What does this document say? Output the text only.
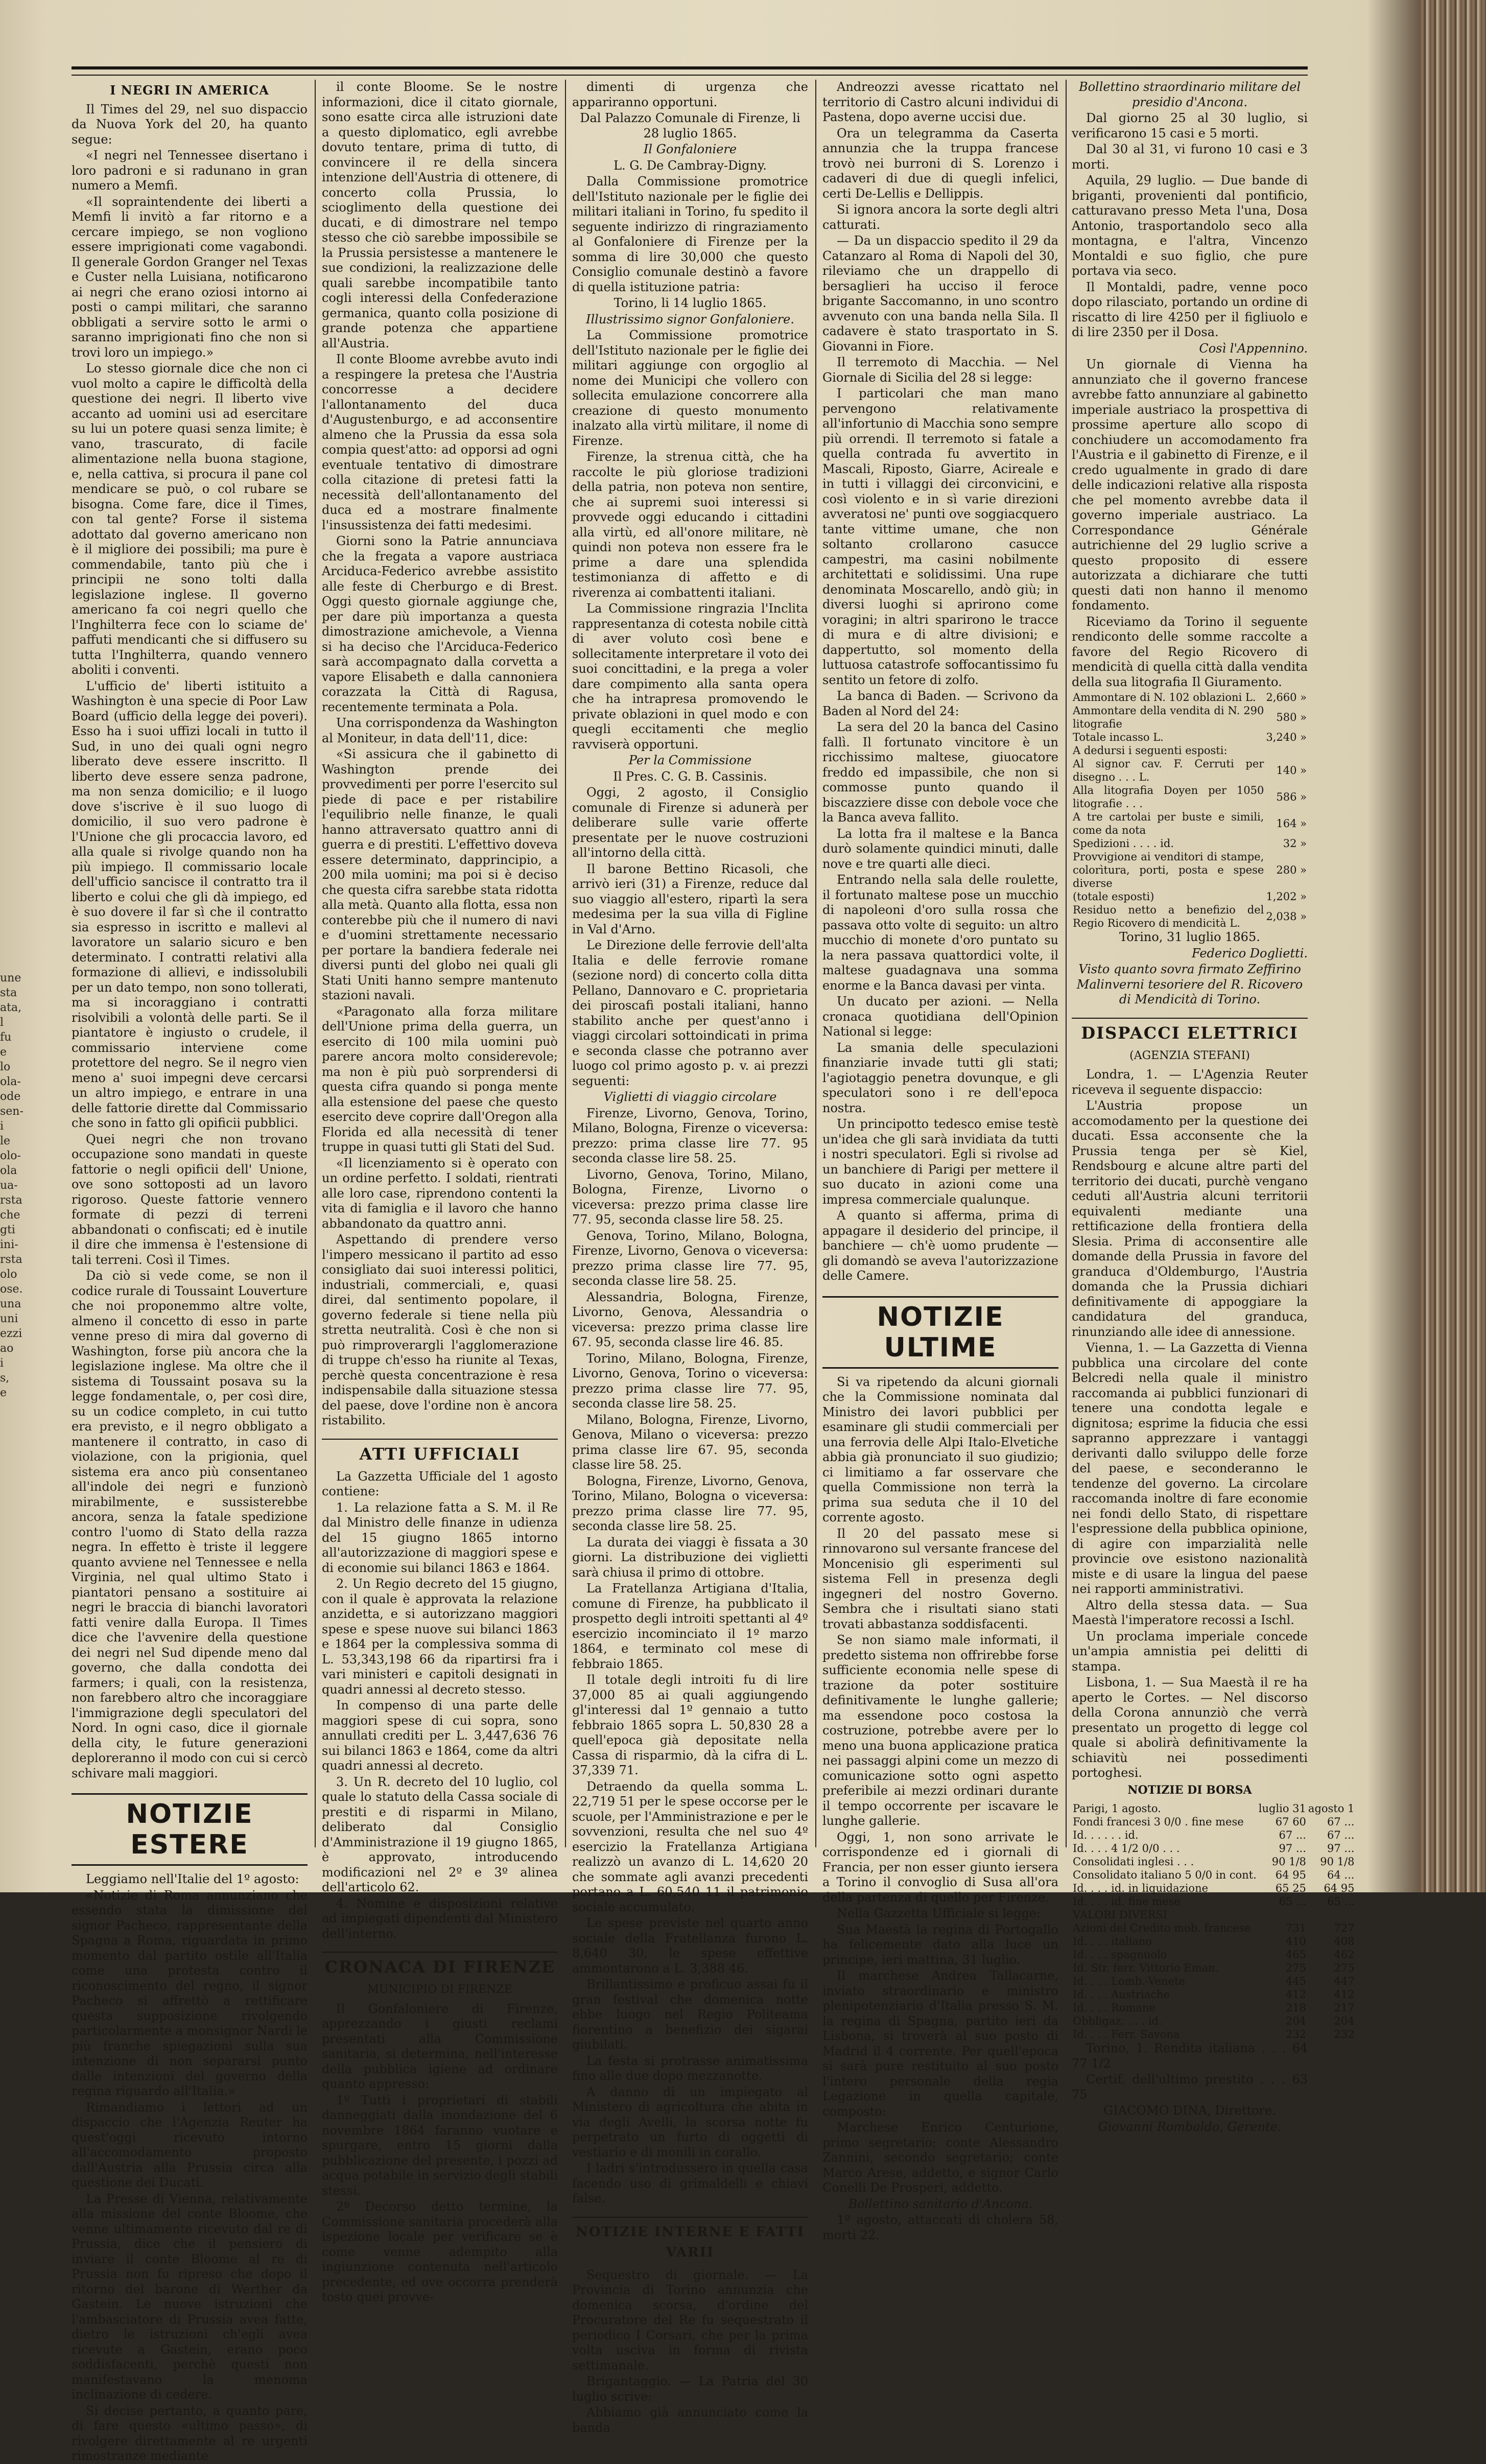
une
sta
ata,
l fu
e lo
ola-
ode
sen-
i le
olo-
ola
ua-
rsta
che
gti
ini-
rsta
olo
ose.
una
uni
ezzi
ao i
s, e

I NEGRI IN AMERICA

Il Times del 29, nel suo dispaccio da Nuova York del 20, ha quanto segue:

«I negri nel Tennessee disertano i loro padroni e si radunano in gran numero a Memfi.

«Il sopraintendente dei liberti a Memfi li invitò a far ritorno e a cercare impiego, se non vogliono essere imprigionati come vagabondi. Il generale Gordon Granger nel Texas e Custer nella Luisiana, notificarono ai negri che erano oziosi intorno ai posti o campi militari, che saranno obbligati a servire sotto le armi o saranno imprigionati fino che non si trovi loro un impiego.»

Lo stesso giornale dice che non ci vuol molto a capire le difficoltà della questione dei negri. Il liberto vive accanto ad uomini usi ad esercitare su lui un potere quasi senza limite; è vano, trascurato, di facile alimentazione nella buona stagione, e, nella cattiva, si procura il pane col mendicare se può, o col rubare se bisogna. Come fare, dice il Times, con tal gente? Forse il sistema adottato dal governo americano non è il migliore dei possibili; ma pure è commendabile, tanto più che i principii ne sono tolti dalla legislazione inglese. Il governo americano fa coi negri quello che l'Inghilterra fece con lo sciame de' paffuti mendicanti che si diffusero su tutta l'Inghilterra, quando vennero aboliti i conventi.

L'ufficio de' liberti istituito a Washington è una specie di Poor Law Board (ufficio della legge dei poveri). Esso ha i suoi uffizi locali in tutto il Sud, in uno dei quali ogni negro liberato deve essere inscritto. Il liberto deve essere senza padrone, ma non senza domicilio; e il luogo dove s'iscrive è il suo luogo di domicilio, il suo vero padrone è l'Unione che gli procaccia lavoro, ed alla quale si rivolge quando non ha più impiego. Il commissario locale dell'ufficio sancisce il contratto tra il liberto e colui che gli dà impiego, ed è suo dovere il far sì che il contratto sia espresso in iscritto e mallevi al lavoratore un salario sicuro e ben determinato. I contratti relativi alla formazione di allievi, e indissolubili per un dato tempo, non sono tollerati, ma si incoraggiano i contratti risolvibili a volontà delle parti. Se il piantatore è ingiusto o crudele, il commissario interviene come protettore del negro. Se il negro vien meno a' suoi impegni deve cercarsi un altro impiego, e entrare in una delle fattorie dirette dal Commissario che sono in fatto gli opificii pubblici.

Quei negri che non trovano occupazione sono mandati in queste fattorie o negli opificii dell' Unione, ove sono sottoposti ad un lavoro rigoroso. Queste fattorie vennero formate di pezzi di terreni abbandonati o confiscati; ed è inutile il dire che immensa è l'estensione di tali terreni. Così il Times.

Da ciò si vede come, se non il codice rurale di Toussaint Louverture che noi proponemmo altre volte, almeno il concetto di esso in parte venne preso di mira dal governo di Washington, forse più ancora che la legislazione inglese. Ma oltre che il sistema di Toussaint posava su la legge fondamentale, o, per così dire, su un codice completo, in cui tutto era previsto, e il negro obbligato a mantenere il contratto, in caso di violazione, con la prigionia, quel sistema era anco più consentaneo all'indole dei negri e funzionò mirabilmente, e sussisterebbe ancora, senza la fatale spedizione contro l'uomo di Stato della razza negra. In effetto è triste il leggere quanto avviene nel Tennessee e nella Virginia, nel qual ultimo Stato i piantatori pensano a sostituire ai negri le braccia di bianchi lavoratori fatti venire dalla Europa. Il Times dice che l'avvenire della questione dei negri nel Sud dipende meno dal governo, che dalla condotta dei farmers; i quali, con la resistenza, non farebbero altro che incoraggiare l'immigrazione degli speculatori del Nord. In ogni caso, dice il giornale della city, le future generazioni deploreranno il modo con cui si cercò schivare mali maggiori.

NOTIZIE ESTERE

Leggiamo nell'Italie del 1º agosto:

«Notizie di Roma annunziano che essendo stata la dimissione del signor Pacheco, rappresentante della Spagna a Roma, riguardata in primo momento dal partito ostile all'Italia come una protesta contro il riconoscimento del regno, il signor Pacheco si affrettò a rettificare questa supposizione rivolgendo particolarmente a monsignor Nardi le più franche spiegazioni sulla sua intenzione di non separarsi punto dalle intenzioni del governo della regina riguardo all'Italia.»

Rimandiamo i lettori ad un dispaccio che l'Agenzia Reuter ha quest'oggi ricevuto intorno all'accomodamento proposto dall'Austria alla Prussia circa alla questione dei Ducati.

La Presse di Vienna, relativamente alla missione del conte Bloome, che venne ultimamente ricevuto dal re di Prussia, dice che il pensiero di inviare il conte Bloome al re di Prussia non fu ripreso che dopo il ritorno del barone di Werther da Gastein. Le nuove istruzioni che l'ambasciatore di Prussia avea fatte, dietro le istruzioni ch'egli avea ricevute a Gastein, erano poco soddisfacenti, perchè questi non manifestavano la menoma inclinazione di cedere.

Si decise pertanto, a quanto pare, di fare questo «ultimo passo», di rivolgere direttamente al re urgenti rimostranze mediante

il conte Bloome. Se le nostre informazioni, dice il citato giornale, sono esatte circa alle istruzioni date a questo diplomatico, egli avrebbe dovuto tentare, prima di tutto, di convincere il re della sincera intenzione dell'Austria di ottenere, di concerto colla Prussia, lo scioglimento della questione dei ducati, e di dimostrare nel tempo stesso che ciò sarebbe impossibile se la Prussia persistesse a mantenere le sue condizioni, la realizzazione delle quali sarebbe incompatibile tanto cogli interessi della Confederazione germanica, quanto colla posizione di grande potenza che appartiene all'Austria.

Il conte Bloome avrebbe avuto indi a respingere la pretesa che l'Austria concorresse a decidere l'allontanamento del duca d'Augustenburgo, e ad acconsentire almeno che la Prussia da essa sola compia quest'atto: ad opporsi ad ogni eventuale tentativo di dimostrare colla citazione di pretesi fatti la necessità dell'allontanamento del duca ed a mostrare finalmente l'insussistenza dei fatti medesimi.

Giorni sono la Patrie annunciava che la fregata a vapore austriaca Arciduca-Federico avrebbe assistito alle feste di Cherburgo e di Brest. Oggi questo giornale aggiunge che, per dare più importanza a questa dimostrazione amichevole, a Vienna si ha deciso che l'Arciduca-Federico sarà accompagnato dalla corvetta a vapore Elisabeth e dalla cannoniera corazzata la Città di Ragusa, recentemente terminata a Pola.

Una corrispondenza da Washington al Moniteur, in data dell'11, dice:

«Si assicura che il gabinetto di Washington prende dei provvedimenti per porre l'esercito sul piede di pace e per ristabilire l'equilibrio nelle finanze, le quali hanno attraversato quattro anni di guerra e di prestiti. L'effettivo doveva essere determinato, dapprincipio, a 200 mila uomini; ma poi si è deciso che questa cifra sarebbe stata ridotta alla metà. Quanto alla flotta, essa non conterebbe più che il numero di navi e d'uomini strettamente necessario per portare la bandiera federale nei diversi punti del globo nei quali gli Stati Uniti hanno sempre mantenuto stazioni navali.

«Paragonato alla forza militare dell'Unione prima della guerra, un esercito di 100 mila uomini può parere ancora molto considerevole; ma non è più può sorprendersi di questa cifra quando si ponga mente alla estensione del paese che questo esercito deve coprire dall'Oregon alla Florida ed alla necessità di tener truppe in quasi tutti gli Stati del Sud.

«Il licenziamento si è operato con un ordine perfetto. I soldati, rientrati alle loro case, riprendono contenti la vita di famiglia e il lavoro che hanno abbandonato da quattro anni.

Aspettando di prendere verso l'impero messicano il partito ad esso consigliato dai suoi interessi politici, industriali, commerciali, e, quasi direi, dal sentimento popolare, il governo federale si tiene nella più stretta neutralità. Così è che non si può rimproverargli l'agglomerazione di truppe ch'esso ha riunite al Texas, perchè questa concentrazione è resa indispensabile dalla situazione stessa del paese, dove l'ordine non è ancora ristabilito.

ATTI UFFICIALI

La Gazzetta Ufficiale del 1 agosto contiene:

1. La relazione fatta a S. M. il Re dal Ministro delle finanze in udienza del 15 giugno 1865 intorno all'autorizzazione di maggiori spese e di economie sui bilanci 1863 e 1864.

2. Un Regio decreto del 15 giugno, con il quale è approvata la relazione anzidetta, e si autorizzano maggiori spese e spese nuove sui bilanci 1863 e 1864 per la complessiva somma di L. 53,343,198 66 da ripartirsi fra i vari ministeri e capitoli designati in quadri annessi al decreto stesso.

In compenso di una parte delle maggiori spese di cui sopra, sono annullati crediti per L. 3,447,636 76 sui bilanci 1863 e 1864, come da altri quadri annessi al decreto.

3. Un R. decreto del 10 luglio, col quale lo statuto della Cassa sociale di prestiti e di risparmi in Milano, deliberato dal Consiglio d'Amministrazione il 19 giugno 1865, è approvato, introducendo modificazioni nel 2º e 3º alinea dell'articolo 62.

4. Nomine e disposizioni relative ad impiegati dipendenti dal Ministero dell'interno.

CRONACA DI FIRENZE

MUNICIPIO DI FIRENZE

Il Gonfaloniere di Firenze, apprezzando i giusti reclami presentati alla Commissione sanitaria, si determina, nell'interesse della pubblica igiene ad ordinare quanto appresso:

1º Tutti i proprietari di stabili danneggiati dalla inondazione del 6 novembre 1864 faranno vuotare e spurgare, entro 15 giorni dalla pubblicazione del presente, i pozzi ad acqua potabile in servizio degli stabili stessi.

2º Decorso detto termine, la Commissione sanitaria procederà alla ispezione locale per verificare se è come venne adempito alla ingiunzione contenuta nell'articolo precedente, ed ove occorra prenderà tosto quei provve-

dimenti di urgenza che appariranno opportuni.

Dal Palazzo Comunale di Firenze, li 28 luglio 1865.

Il Gonfaloniere

L. G. De Cambray-Digny.

Dalla Commissione promotrice dell'Istituto nazionale per le figlie dei militari italiani in Torino, fu spedito il seguente indirizzo di ringraziamento al Gonfaloniere di Firenze per la somma di lire 30,000 che questo Consiglio comunale destinò a favore di quella istituzione patria:

Torino, li 14 luglio 1865.

Illustrissimo signor Gonfaloniere.

La Commissione promotrice dell'Istituto nazionale per le figlie dei militari aggiunge con orgoglio al nome dei Municipi che vollero con sollecita emulazione concorrere alla creazione di questo monumento inalzato alla virtù militare, il nome di Firenze.

Firenze, la strenua città, che ha raccolte le più gloriose tradizioni della patria, non poteva non sentire, che ai supremi suoi interessi si provvede oggi educando i cittadini alla virtù, ed all'onore militare, nè quindi non poteva non essere fra le prime a dare una splendida testimonianza di affetto e di riverenza ai combattenti italiani.

La Commissione ringrazia l'Inclita rappresentanza di cotesta nobile città di aver voluto così bene e sollecitamente interpretare il voto dei suoi concittadini, e la prega a voler dare compimento alla santa opera che ha intrapresa promovendo le private oblazioni in quel modo e con quegli eccitamenti che meglio ravviserà opportuni.

Per la Commissione

Il Pres. C. G. B. Cassinis.

Oggi, 2 agosto, il Consiglio comunale di Firenze si adunerà per deliberare sulle varie offerte presentate per le nuove costruzioni all'intorno della città.

Il barone Bettino Ricasoli, che arrivò ieri (31) a Firenze, reduce dal suo viaggio all'estero, ripartì la sera medesima per la sua villa di Figline in Val d'Arno.

Le Direzione delle ferrovie dell'alta Italia e delle ferrovie romane (sezione nord) di concerto colla ditta Pellano, Dannovaro e C. proprietaria dei piroscafi postali italiani, hanno stabilito anche per quest'anno i viaggi circolari sottoindicati in prima e seconda classe che potranno aver luogo col primo agosto p. v. ai prezzi seguenti:

Viglietti di viaggio circolare

Firenze, Livorno, Genova, Torino, Milano, Bologna, Firenze o viceversa: prezzo: prima classe lire 77. 95 seconda classe lire 58. 25.

Livorno, Genova, Torino, Milano, Bologna, Firenze, Livorno o viceversa: prezzo prima classe lire 77. 95, seconda classe lire 58. 25.

Genova, Torino, Milano, Bologna, Firenze, Livorno, Genova o viceversa: prezzo prima classe lire 77. 95, seconda classe lire 58. 25.

Alessandria, Bologna, Firenze, Livorno, Genova, Alessandria o viceversa: prezzo prima classe lire 67. 95, seconda classe lire 46. 85.

Torino, Milano, Bologna, Firenze, Livorno, Genova, Torino o viceversa: prezzo prima classe lire 77. 95, seconda classe lire 58. 25.

Milano, Bologna, Firenze, Livorno, Genova, Milano o viceversa: prezzo prima classe lire 67. 95, seconda classe lire 58. 25.

Bologna, Firenze, Livorno, Genova, Torino, Milano, Bologna o viceversa: prezzo prima classe lire 77. 95, seconda classe lire 58. 25.

La durata dei viaggi è fissata a 30 giorni. La distribuzione dei viglietti sarà chiusa il primo di ottobre.

La Fratellanza Artigiana d'Italia, comune di Firenze, ha pubblicato il prospetto degli introiti spettanti al 4º esercizio incominciato il 1º marzo 1864, e terminato col mese di febbraio 1865.

Il totale degli introiti fu di lire 37,000 85 ai quali aggiungendo gl'interessi dal 1º gennaio a tutto febbraio 1865 sopra L. 50,830 28 a quell'epoca già depositate nella Cassa di risparmio, dà la cifra di L. 37,339 71.

Detraendo da quella somma L. 22,719 51 per le spese occorse per le scuole, per l'Amministrazione e per le sovvenzioni, resulta che nel suo 4º esercizio la Fratellanza Artigiana realizzò un avanzo di L. 14,620 20 che sommate agli avanzi precedenti portano a L. 60,540 11 il patrimonio sociale accumulato.

Le spese previste nel quarto anno sociale della Fratellanza furono L. 8,640 30, le spese effettive ammontarono a L. 3,388 46.

Brillantissimo e proficuo assai fu il gran festival che domenica notte ebbe luogo nel Regio Politeama fiorentino a benefizio dei sigarai giubilati.

La festa si protrasse animatissima fino alle due dopo mezzanotte.

A danno di un impiegato al Ministero di agricoltura che abita in via degli Avelli, la scorsa notte fu perpetrato un furto di oggetti di vestiario e di monili in corallo.

I ladri s'introdussero in quella casa facendo uso di grimaldelli e chiavi false.

NOTIZIE INTERNE E FATTI VARII

Sequestro di giornale. — La Provincia di Torino annunzia che domenica scorsa, d'ordine del Procuratore del Re fu sequestrato il periodico I Corsari, che per la prima volta usciva in forma di rivista settimanale.

Brigantaggio. — La Patria del 30 luglio scrive:

Abbiamo già annunciato come la banda

Andreozzi avesse ricattato nel territorio di Castro alcuni individui di Pastena, dopo averne uccisi due.

Ora un telegramma da Caserta annunzia che la truppa francese trovò nei burroni di S. Lorenzo i cadaveri di due di quegli infelici, certi De-Lellis e Dellippis.

Si ignora ancora la sorte degli altri catturati.

— Da un dispaccio spedito il 29 da Catanzaro al Roma di Napoli del 30, rileviamo che un drappello di bersaglieri ha ucciso il feroce brigante Saccomanno, in uno scontro avvenuto con una banda nella Sila. Il cadavere è stato trasportato in S. Giovanni in Fiore.

Il terremoto di Macchia. — Nel Giornale di Sicilia del 28 si legge:

I particolari che man mano pervengono relativamente all'infortunio di Macchia sono sempre più orrendi. Il terremoto si fatale a quella contrada fu avvertito in Mascali, Riposto, Giarre, Acireale e in tutti i villaggi dei circonvicini, e così violento e in sì varie direzioni avveratosi ne' punti ove soggiacquero tante vittime umane, che non soltanto crollarono casucce campestri, ma casini nobilmente architettati e solidissimi. Una rupe denominata Moscarello, andò giù; in diversi luoghi si aprirono come voragini; in altri sparirono le tracce di mura e di altre divisioni; e dappertutto, sol momento della luttuosa catastrofe soffocantissimo fu sentito un fetore di zolfo.

La banca di Baden. — Scrivono da Baden al Nord del 24:

La sera del 20 la banca del Casino fallì. Il fortunato vincitore è un ricchissimo maltese, giuocatore freddo ed impassibile, che non si commosse punto quando il biscazziere disse con debole voce che la Banca aveva fallito.

La lotta fra il maltese e la Banca durò solamente quindici minuti, dalle nove e tre quarti alle dieci.

Entrando nella sala delle roulette, il fortunato maltese pose un mucchio di napoleoni d'oro sulla rossa che passava otto volte di seguito: un altro mucchio di monete d'oro puntato su la nera passava quattordici volte, il maltese guadagnava una somma enorme e la Banca davasi per vinta.

Un ducato per azioni. — Nella cronaca quotidiana dell'Opinion National si legge:

La smania delle speculazioni finanziarie invade tutti gli stati; l'agiotaggio penetra dovunque, e gli speculatori sono i re dell'epoca nostra.

Un principotto tedesco emise testè un'idea che gli sarà invidiata da tutti i nostri speculatori. Egli si rivolse ad un banchiere di Parigi per mettere il suo ducato in azioni come una impresa commerciale qualunque.

A quanto si afferma, prima di appagare il desiderio del principe, il banchiere — ch'è uomo prudente — gli domandò se aveva l'autorizzazione delle Camere.

NOTIZIE ULTIME

Si va ripetendo da alcuni giornali che la Commissione nominata dal Ministro dei lavori pubblici per esaminare gli studii commerciali per una ferrovia delle Alpi Italo-Elvetiche abbia già pronunciato il suo giudizio; ci limitiamo a far osservare che quella Commissione non terrà la prima sua seduta che il 10 del corrente agosto.

Il 20 del passato mese si rinnovarono sul versante francese del Moncenisio gli esperimenti sul sistema Fell in presenza degli ingegneri del nostro Governo. Sembra che i risultati siano stati trovati abbastanza soddisfacenti.

Se non siamo male informati, il predetto sistema non offrirebbe forse sufficiente economia nelle spese di trazione da poter sostituire definitivamente le lunghe gallerie; ma essendone poco costosa la costruzione, potrebbe avere per lo meno una buona applicazione pratica nei passaggi alpini come un mezzo di comunicazione sotto ogni aspetto preferibile ai mezzi ordinari durante il tempo occorrente per iscavare le lunghe gallerie.

Oggi, 1, non sono arrivate le corrispondenze ed i giornali di Francia, per non esser giunto iersera a Torino il convoglio di Susa all'ora della partenza di quello per Firenze.

Nella Gazzetta Ufficiale si legge:

Sua Maestà la regina di Portogallo ha felicemente dato alla luce un principe, ieri mattina, 31 luglio.

Il marchese Andrea Tallacarne, inviato straordinario e ministro plenipotenziario d'Italia presso S. M. la regina di Spagna, partito ieri da Lisbona, si troverà al suo posto di Madrid il 4 corrente. Per quell'epoca si sarà pure restituito al suo posto l'intero personale della regia Legazione in quella capitale, composto:

Marchese Enrico Centurione, primo segretario; conte Alessandro Zannini, secondo segretario; conte Marco Arese, addetto, e signor Carlo Conelli De Prosperi, addetto.

Bollettino sanitario d'Ancona.

1º agosto, attaccati di cholera 58, morti 22.

Bollettino straordinario militare del presidio d'Ancona.

Dal giorno 25 al 30 luglio, si verificarono 15 casi e 5 morti.

Dal 30 al 31, vi furono 10 casi e 3 morti.

Aquila, 29 luglio. — Due bande di briganti, provenienti dal pontificio, catturavano presso Meta l'una, Dosa Antonio, trasportandolo seco alla montagna, e l'altra, Vincenzo Montaldi e suo figlio, che pure portava via seco.

Il Montaldi, padre, venne poco dopo rilasciato, portando un ordine di riscatto di lire 4250 per il figliuolo e di lire 2350 per il Dosa.

Così l'Appennino.

Un giornale di Vienna ha annunziato che il governo francese avrebbe fatto annunziare al gabinetto imperiale austriaco la prospettiva di prossime aperture allo scopo di conchiudere un accomodamento fra l'Austria e il gabinetto di Firenze, e il credo ugualmente in grado di dare delle indicazioni relative alla risposta che pel momento avrebbe data il governo imperiale austriaco. La Correspondance Générale autrichienne del 29 luglio scrive a questo proposito di essere autorizzata a dichiarare che tutti questi dati non hanno il menomo fondamento.

Riceviamo da Torino il seguente rendiconto delle somme raccolte a favore del Regio Ricovero di mendicità di quella città dalla vendita della sua litografia Il Giuramento.

Ammontare di N. 102 oblazioni L.	2,660 »
Ammontare della vendita di N. 290 litografie	580 »
Totale incasso L.	3,240 »
A dedursi i seguenti esposti:	
Al signor cav. F. Cerruti per disegno . . . L.	140 »
Alla litografia Doyen per 1050 litografie . . .	586 »
A tre cartolai per buste e simili, come da nota	164 »
Spedizioni . . . . id.	32 »
Provvigione ai venditori di stampe, colorìtura, porti, posta e spese diverse	280 »
(totale esposti)	1,202 »
Residuo netto a benefizio del Regio Ricovero di mendicità L.	2,038 »

Torino, 31 luglio 1865.

Federico Doglietti.

Visto quanto sovra firmato Zeffirino Malinverni tesoriere del R. Ricovero di Mendicità di Torino.

DISPACCI ELETTRICI

(AGENZIA STEFANI)

Londra, 1. — L'Agenzia Reuter riceveva il seguente dispaccio:

L'Austria propose un accomodamento per la questione dei ducati. Essa acconsente che la Prussia tenga per sè Kiel, Rendsbourg e alcune altre parti del territorio dei ducati, purchè vengano ceduti all'Austria alcuni territorii equivalenti mediante una rettificazione della frontiera della Slesia. Prima di acconsentire alle domande della Prussia in favore del granduca d'Oldemburgo, l'Austria domanda che la Prussia dichiari definitivamente di appoggiare la candidatura del granduca, rinunziando alle idee di annessione.

Vienna, 1. — La Gazzetta di Vienna pubblica una circolare del conte Belcredi nella quale il ministro raccomanda ai pubblici funzionari di tenere una condotta legale e dignitosa; esprime la fiducia che essi sapranno apprezzare i vantaggi derivanti dallo sviluppo delle forze del paese, e seconderanno le tendenze del governo. La circolare raccomanda inoltre di fare economie nei fondi dello Stato, di rispettare l'espressione della pubblica opinione, di agire con imparzialità nelle provincie ove esistono nazionalità miste e di usare la lingua del paese nei rapporti amministrativi.

Altro della stessa data. — Sua Maestà l'imperatore recossi a Ischl.

Un proclama imperiale concede un'ampia amnistia pei delitti di stampa.

Lisbona, 1. — Sua Maestà il re ha aperto le Cortes. — Nel discorso della Corona annunziò che verrà presentato un progetto di legge col quale si abolirà definitivamente la schiavitù nei possedimenti portoghesi.

NOTIZIE DI BORSA

Parigi, 1 agosto.	luglio 31	agosto 1
Fondi francesi 3 0/0 . fine mese	67 60	67 ...
Id. . . . . . id.	67 ...	67 ...
Id. . . . 4 1/2 0/0 . . .	97 ...	97 ...
Consolidati inglesi . . .	90 1/8	90 1/8
Consolidato italiano 5 0/0 in cont.	64 95	64 ...
Id. . . . id. in liquidazione	65 25	64 95
Id. . . . id. fine mese	65 ...	65 ...
VALORI DIVERSI		
Azioni del Credito mob. francese	731	727
Id. . . . italiano	410	408
Id. . . . spagnuolo	465	462
Id. Str. ferr. Vittorio Eman.	275	275
Id. . . . Lomb.-Venete	445	447
Id. . . . Austriache	412	412
Id. . . . Romane	218	217
Obbligaz. . . . id.	204	204
Id. . . . Ferr. Savona	232	232

Torino, 1. Rendita italiana . . . 64 77 1/2

Certif. dell'ultimo prestito . . . 63 75

GIACOMO DINA, Direttore.

Giovanni Rombaldo, Gerente.
